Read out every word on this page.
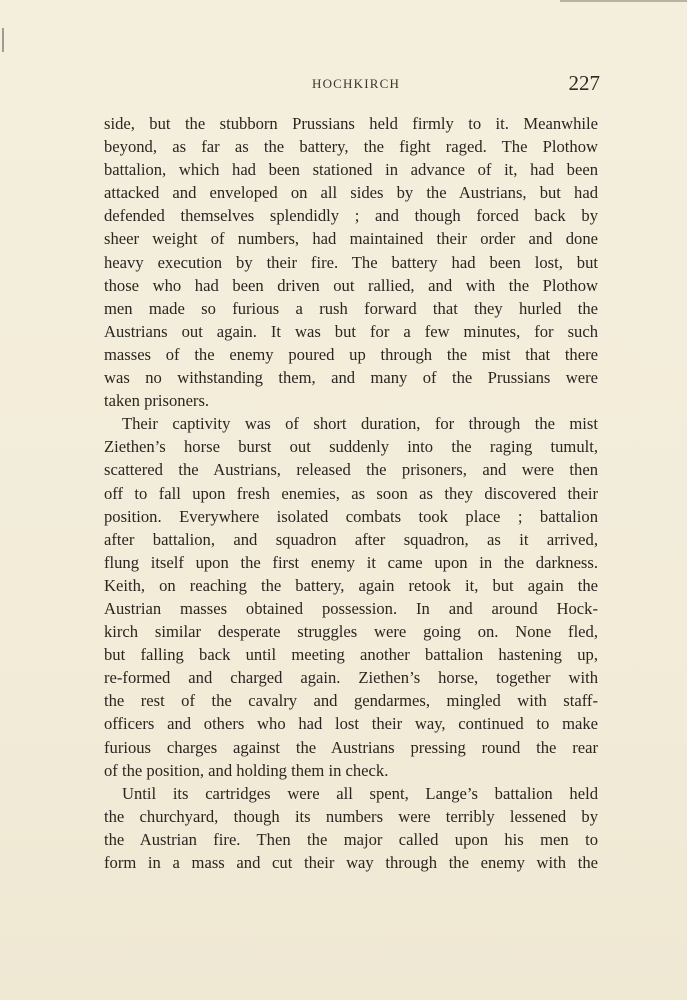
HOCHKIRCH	227
side, but the stubborn Prussians held firmly to it. Meanwhile
beyond, as far as the battery, the fight raged. The Plothow
battalion, which had been stationed in advance of it, had been
attacked and enveloped on all sides by the Austrians, but had
defended themselves splendidly ; and though forced back by
sheer weight of numbers, had maintained their order and done
heavy execution by their fire. The battery had been lost, but
those who had been driven out rallied, and with the Plothow
men made so furious a rush forward that they hurled the
Austrians out again. It was but for a few minutes, for such
masses of the enemy poured up through the mist that there
was no withstanding them, and many of the Prussians were
taken prisoners.
Their captivity was of short duration, for through the mist
Ziethen’s horse burst out suddenly into the raging tumult,
scattered the Austrians, released the prisoners, and were then
off to fall upon fresh enemies, as soon as they discovered their
position. Everywhere isolated combats took place ; battalion
after battalion, and squadron after squadron, as it arrived,
flung itself upon the first enemy it came upon in the darkness.
Keith, on reaching the battery, again retook it, but again the
Austrian masses obtained possession. In and around Hock-
kirch similar desperate struggles were going on. None fled,
but falling back until meeting another battalion hastening up,
re-formed and charged again. Ziethen’s horse, together with
the rest of the cavalry and gendarmes, mingled with staff-
officers and others who had lost their way, continued to make
furious charges against the Austrians pressing round the rear
of the position, and holding them in check.
Until its cartridges were all spent, Lange’s battalion held
the churchyard, though its numbers were terribly lessened by
the Austrian fire. Then the major called upon his men to
form in a mass and cut their way through the enemy with the
